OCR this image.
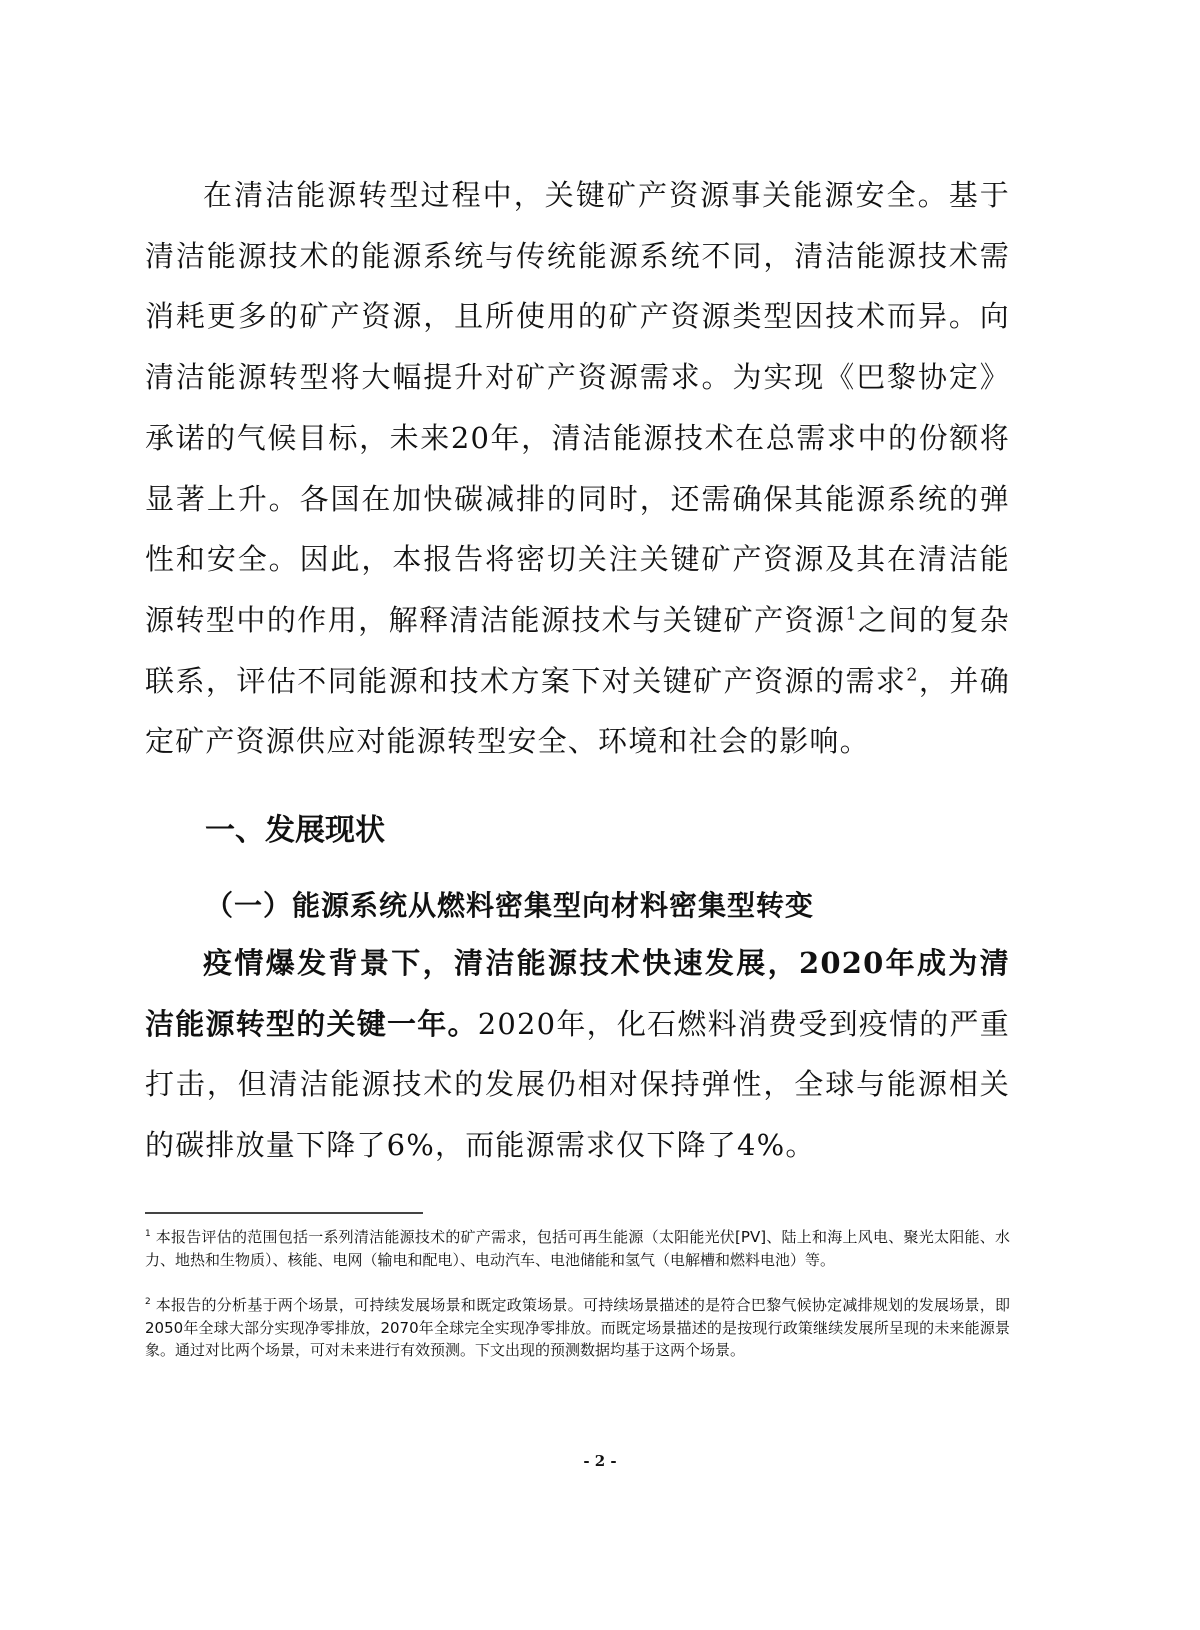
在清洁能源转型过程中，关键矿产资源事关能源安全。基于清洁能源技术的能源系统与传统能源系统不同，清洁能源技术需消耗更多的矿产资源，且所使用的矿产资源类型因技术而异。向清洁能源转型将大幅提升对矿产资源需求。为实现《巴黎协定》承诺的气候目标，未来20年，清洁能源技术在总需求中的份额将显著上升。各国在加快碳减排的同时，还需确保其能源系统的弹性和安全。因此，本报告将密切关注关键矿产资源及其在清洁能源转型中的作用，解释清洁能源技术与关键矿产资源$^1$之间的复杂联系，评估不同能源和技术方案下对关键矿产资源的需求$^2$，并确定矿产资源供应对能源转型安全、环境和社会的影响。

一、发展现状
（一）能源系统从燃料密集型向材料密集型转变

疫情爆发背景下，清洁能源技术快速发展，2020年成为清洁能源转型的关键一年。2020年，化石燃料消费受到疫情的严重打击，但清洁能源技术的发展仍相对保持弹性，全球与能源相关的碳排放量下降了6%，而能源需求仅下降了4%。

$^1$ 本报告评估的范围包括一系列清洁能源技术的矿产需求，包括可再生能源（太阳能光伏[PV]、陆上和海上风电、聚光太阳能、水力、地热和生物质）、核能、电网（输电和配电）、电动汽车、电池储能和氢气（电解槽和燃料电池）等。

$^2$ 本报告的分析基于两个场景，可持续发展场景和既定政策场景。可持续场景描述的是符合巴黎气候协定减排规划的发展场景，即2050年全球大部分实现净零排放，2070年全球完全实现净零排放。而既定场景描述的是按现行政策继续发展所呈现的未来能源景象。通过对比两个场景，可对未来进行有效预测。下文出现的预测数据均基于这两个场景。

- 2 -
